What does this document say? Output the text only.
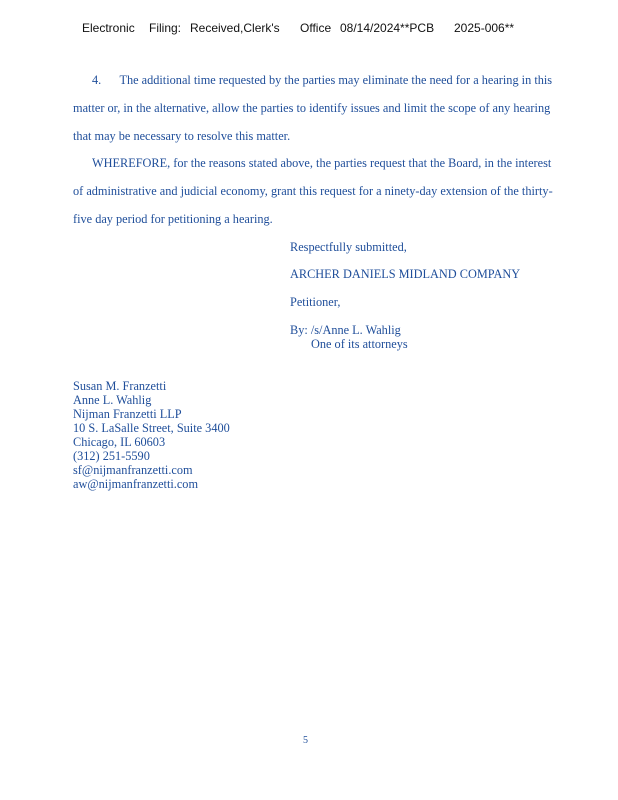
Electronic Filing: Received,Clerk's Office 08/14/2024**PCB 2025-006**
4.      The additional time requested by the parties may eliminate the need for a hearing in this
matter or, in the alternative, allow the parties to identify issues and limit the scope of any hearing
that may be necessary to resolve this matter.
WHEREFORE, for the reasons stated above, the parties request that the Board, in the interest
of administrative and judicial economy, grant this request for a ninety-day extension of the thirty-
five day period for petitioning a hearing.
Respectfully submitted,
ARCHER DANIELS MIDLAND COMPANY
Petitioner,
By: /s/Anne L. Wahlig
One of its attorneys
Susan M. Franzetti
Anne L. Wahlig
Nijman Franzetti LLP
10 S. LaSalle Street, Suite 3400
Chicago, IL 60603
(312) 251-5590
sf@nijmanfranzetti.com
aw@nijmanfranzetti.com
5
